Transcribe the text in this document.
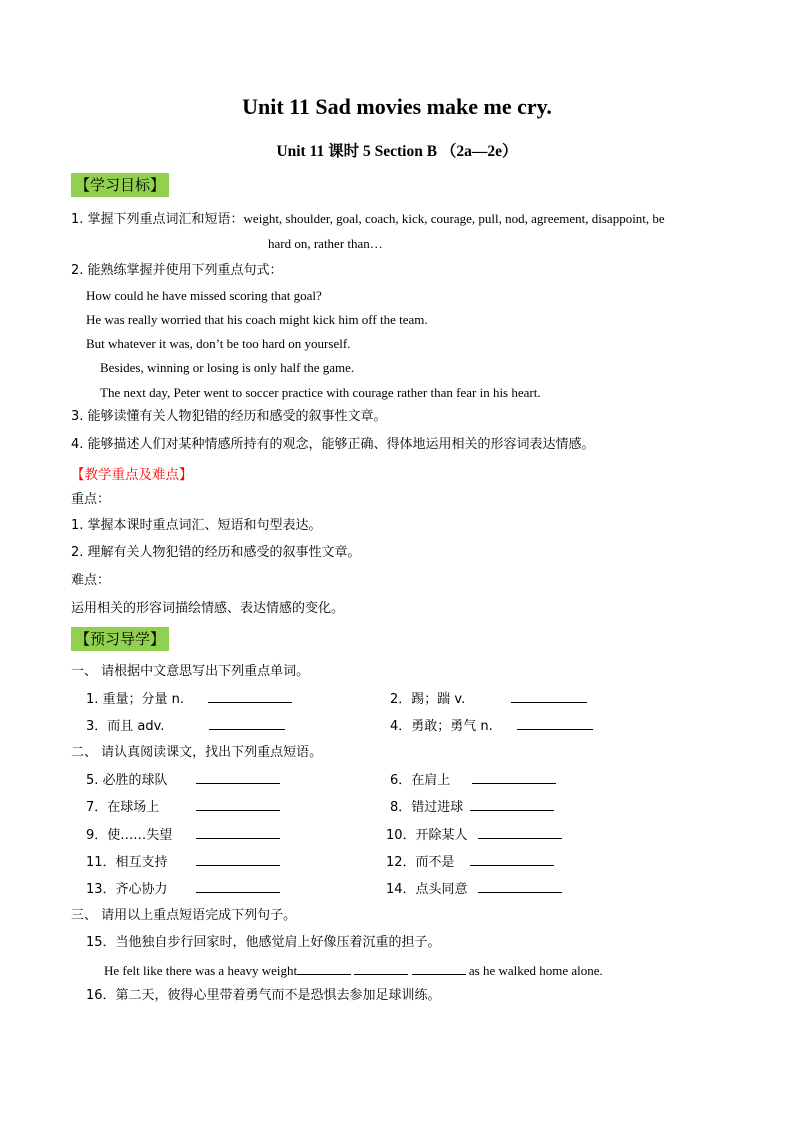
Unit 11 Sad movies make me cry.
Unit 11 课时 5 Section B （2a—2e）
【学习目标】
1. 掌握下列重点词汇和短语：weight, shoulder, goal, coach, kick, courage, pull, nod, agreement, disappoint, be
hard on, rather than…
2. 能熟练掌握并使用下列重点句式：
How could he have missed scoring that goal?
He was really worried that his coach might kick him off the team.
But whatever it was, don’t be too hard on yourself.
Besides, winning or losing is only half the game.
The next day, Peter went to soccer practice with courage rather than fear in his heart.
3. 能够读懂有关人物犯错的经历和感受的叙事性文章。
4. 能够描述人们对某种情感所持有的观念，能够正确、得体地运用相关的形容词表达情感。
【教学重点及难点】
重点：
1. 掌握本课时重点词汇、短语和句型表达。
2. 理解有关人物犯错的经历和感受的叙事性文章。
难点：
运用相关的形容词描绘情感、表达情感的变化。
【预习导学】
一、 请根据中文意思写出下列重点单词。
1. 重量；分量 n.	2．踢；踹 v.
3．而且 adv.	4．勇敢；勇气 n.
二、 请认真阅读课文，找出下列重点短语。
5. 必胜的球队	6．在肩上
7．在球场上	8．错过进球
9．使……失望	10．开除某人
11．相互支持	12．而不是
13．齐心协力	14．点头同意
三、 请用以上重点短语完成下列句子。
15．当他独自步行回家时，他感觉肩上好像压着沉重的担子。
He felt like there was a heavy weight	as he walked home alone.
16．第二天，彼得心里带着勇气而不是恐惧去参加足球训练。
